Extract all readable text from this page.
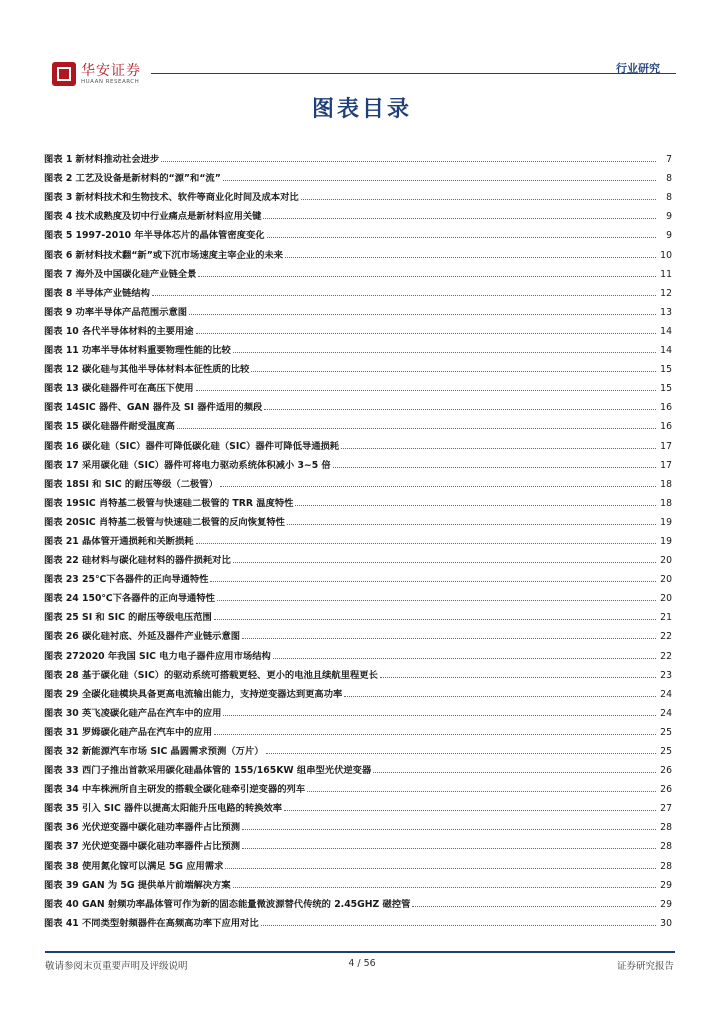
华安证券
HUAAN RESEARCH
行业研究
图表目录
图表 1 新材料推动社会进步	7
图表 2 工艺及设备是新材料的“源”和“流”	8
图表 3 新材料技术和生物技术、软件等商业化时间及成本对比	8
图表 4 技术成熟度及切中行业痛点是新材料应用关键	9
图表 5 1997-2010 年半导体芯片的晶体管密度变化	9
图表 6 新材料技术翻“新”或下沉市场速度主宰企业的未来	10
图表 7 海外及中国碳化硅产业链全景	11
图表 8 半导体产业链结构	12
图表 9 功率半导体产品范围示意图	13
图表 10 各代半导体材料的主要用途	14
图表 11 功率半导体材料重要物理性能的比较	14
图表 12 碳化硅与其他半导体材料本征性质的比较	15
图表 13 碳化硅器件可在高压下使用	15
图表 14SIC 器件、GAN 器件及 SI 器件适用的频段	16
图表 15 碳化硅器件耐受温度高	16
图表 16 碳化硅（SIC）器件可降低碳化硅（SIC）器件可降低导通损耗	17
图表 17 采用碳化硅（SIC）器件可将电力驱动系统体积减小 3~5 倍	17
图表 18SI 和 SIC 的耐压等级（二极管）	18
图表 19SIC 肖特基二极管与快速硅二极管的 TRR 温度特性	18
图表 20SIC 肖特基二极管与快速硅二极管的反向恢复特性	19
图表 21 晶体管开通损耗和关断损耗	19
图表 22 硅材料与碳化硅材料的器件损耗对比	20
图表 23 25℃下各器件的正向导通特性	20
图表 24 150℃下各器件的正向导通特性	20
图表 25 SI 和 SIC 的耐压等级电压范围	21
图表 26 碳化硅衬底、外延及器件产业链示意图	22
图表 272020 年我国 SIC 电力电子器件应用市场结构	22
图表 28 基于碳化硅（SIC）的驱动系统可搭载更轻、更小的电池且续航里程更长	23
图表 29 全碳化硅模块具备更高电流输出能力，支持逆变器达到更高功率	24
图表 30 英飞凌碳化硅产品在汽车中的应用	24
图表 31 罗姆碳化硅产品在汽车中的应用	25
图表 32 新能源汽车市场 SIC 晶圆需求预测（万片）	25
图表 33 西门子推出首款采用碳化硅晶体管的 155/165KW 组串型光伏逆变器	26
图表 34 中车株洲所自主研发的搭载全碳化硅牵引逆变器的列车	26
图表 35 引入 SIC 器件以提高太阳能升压电路的转换效率	27
图表 36 光伏逆变器中碳化硅功率器件占比预测	28
图表 37 光伏逆变器中碳化硅功率器件占比预测	28
图表 38 使用氮化镓可以满足 5G 应用需求	28
图表 39 GAN 为 5G 提供单片前端解决方案	29
图表 40 GAN 射频功率晶体管可作为新的固态能量微波源替代传统的 2.45GHZ 磁控管	29
图表 41 不同类型射频器件在高频高功率下应用对比	30
敬请参阅末页重要声明及评级说明	4 / 56	证券研究报告
